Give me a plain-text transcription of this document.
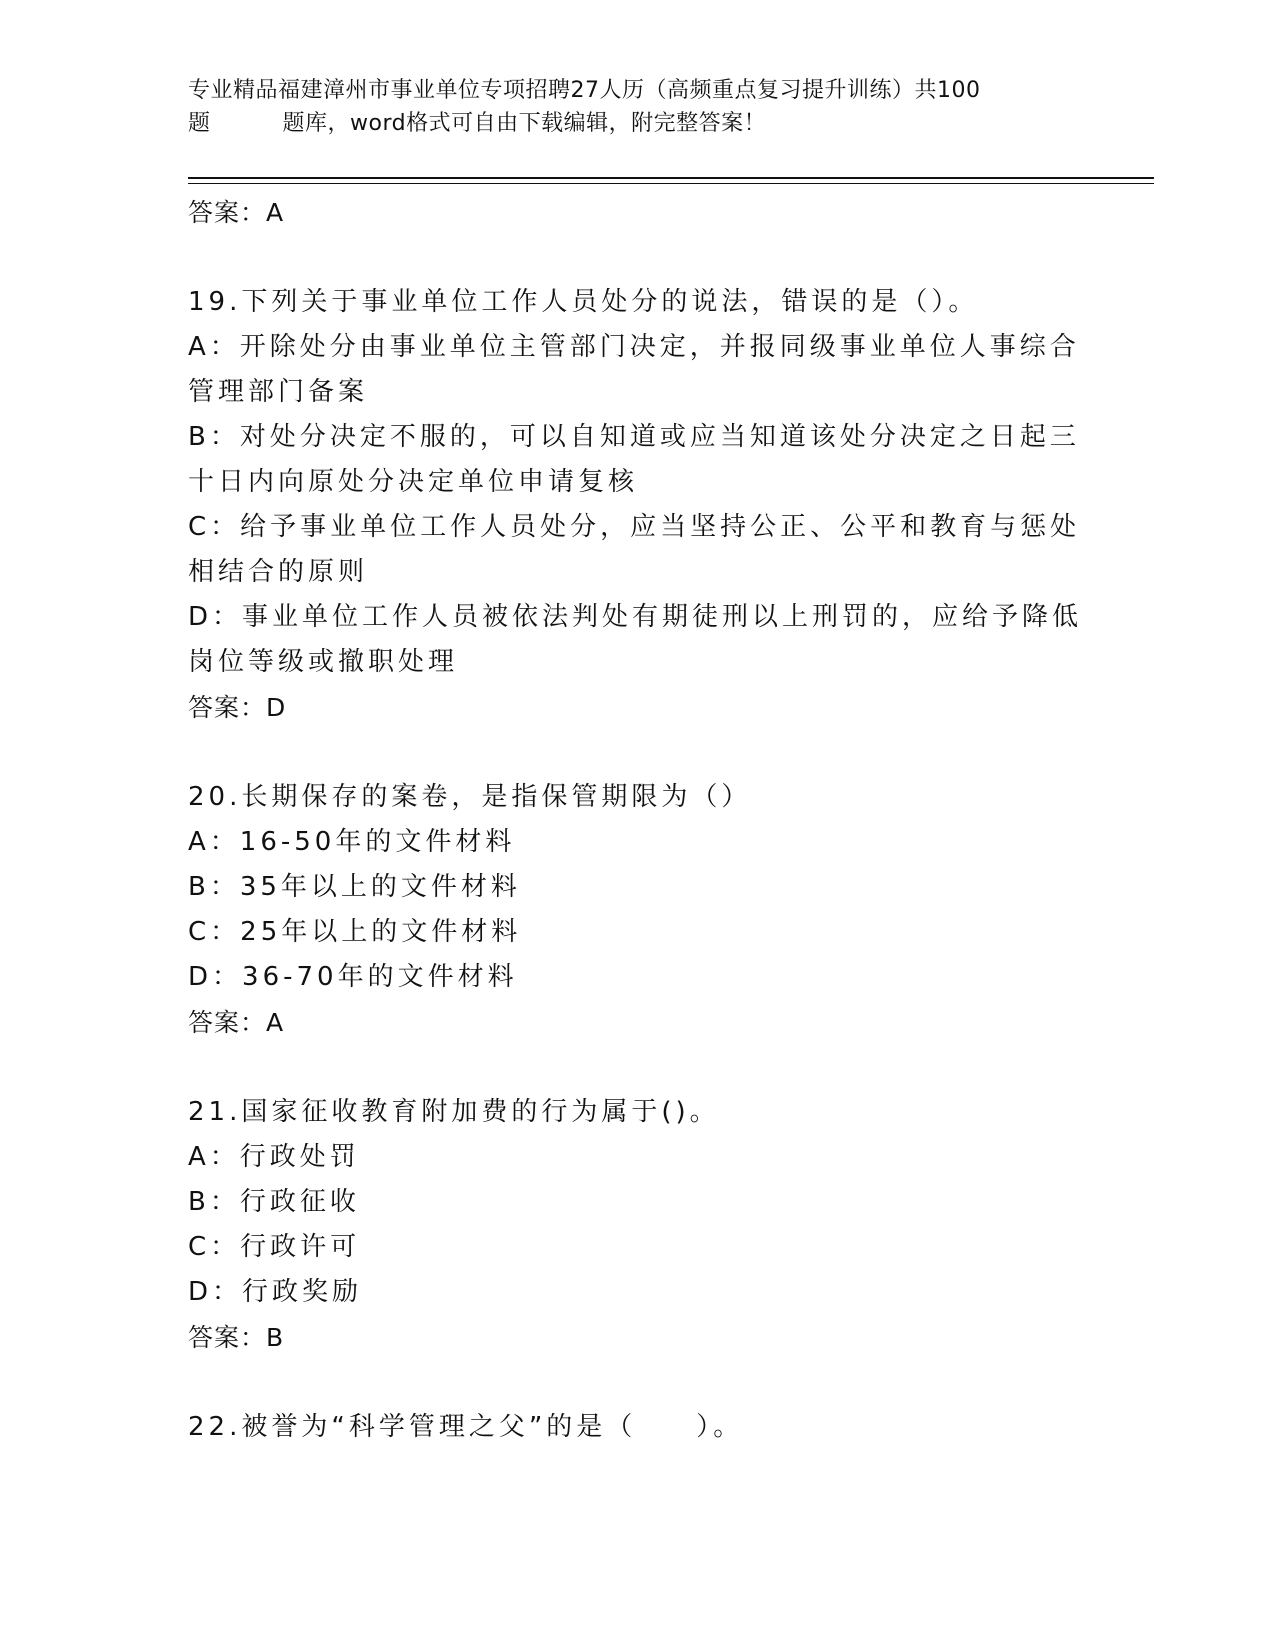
专业精品福建漳州市事业单位专项招聘27人历（高频重点复习提升训练）共100
题	题库，word格式可自由下载编辑，附完整答案！
答案：A
19.下列关于事业单位工作人员处分的说法，错误的是（）。
A：开除处分由事业单位主管部门决定，并报同级事业单位人事综合管理部门备案
B：对处分决定不服的，可以自知道或应当知道该处分决定之日起三十日内向原处分决定单位申请复核
C：给予事业单位工作人员处分，应当坚持公正、公平和教育与惩处相结合的原则
D：事业单位工作人员被依法判处有期徒刑以上刑罚的，应给予降低岗位等级或撤职处理
答案：D
20.长期保存的案卷，是指保管期限为（）
A：16-50年的文件材料
B：35年以上的文件材料
C：25年以上的文件材料
D：36-70年的文件材料
答案：A
21.国家征收教育附加费的行为属于()。
A：行政处罚
B：行政征收
C：行政许可
D：行政奖励
答案：B
22.被誉为“科学管理之父”的是（　　）。
